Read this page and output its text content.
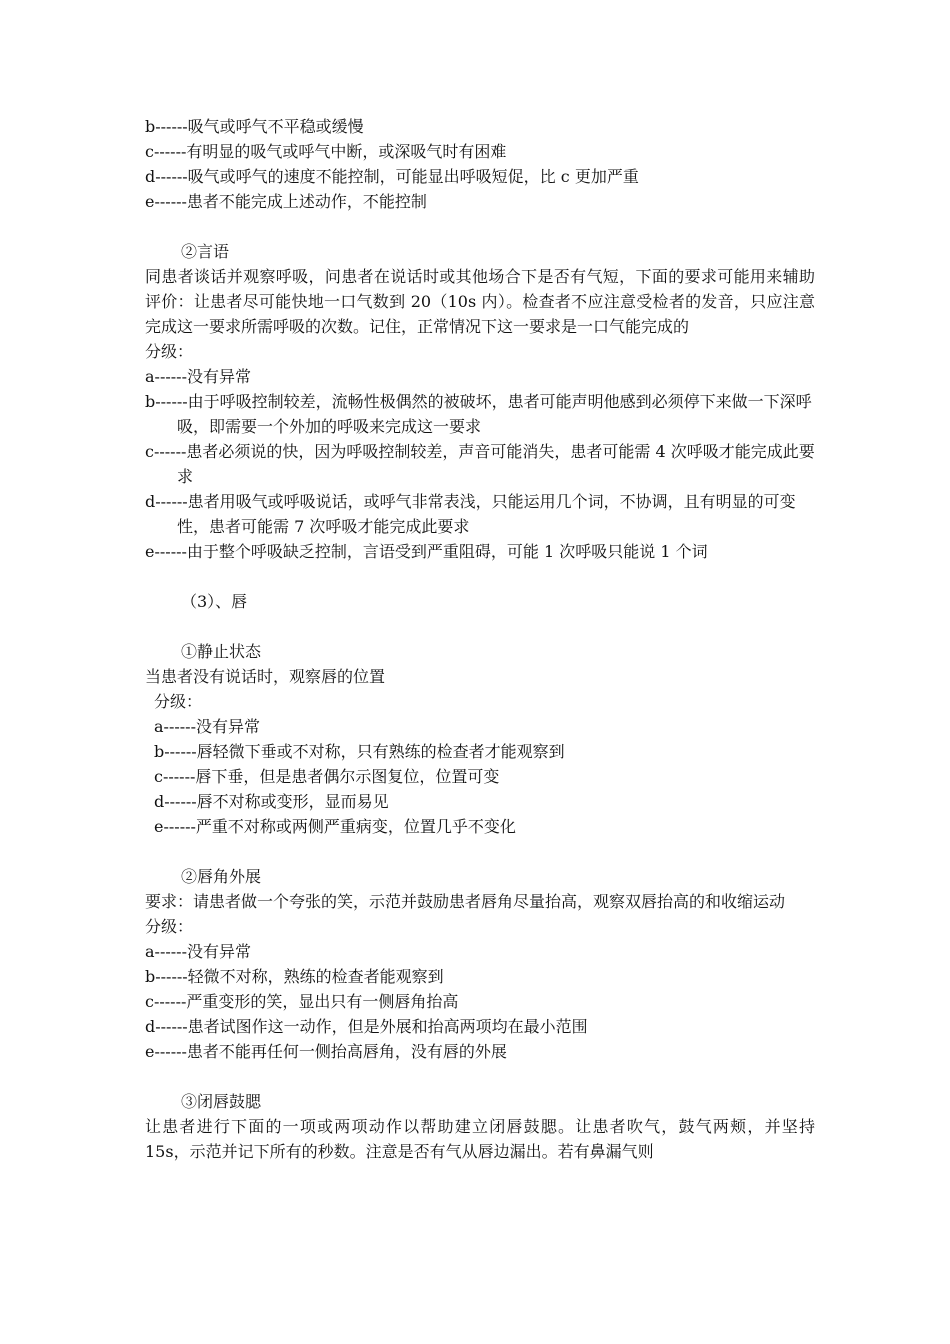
b------吸气或呼气不平稳或缓慢
c------有明显的吸气或呼气中断，或深吸气时有困难
d------吸气或呼气的速度不能控制，可能显出呼吸短促，比 c 更加严重
e------患者不能完成上述动作，不能控制
②言语
同患者谈话并观察呼吸，问患者在说话时或其他场合下是否有气短，下面的要求可能用来辅助评价：让患者尽可能快地一口气数到 20（10s 内）。检查者不应注意受检者的发音，只应注意完成这一要求所需呼吸的次数。记住，正常情况下这一要求是一口气能完成的
分级：
a------没有异常
b------由于呼吸控制较差，流畅性极偶然的被破坏，患者可能声明他感到必须停下来做一下深呼吸，即需要一个外加的呼吸来完成这一要求
c------患者必须说的快，因为呼吸控制较差，声音可能消失，患者可能需 4 次呼吸才能完成此要求
d------患者用吸气或呼吸说话，或呼气非常表浅，只能运用几个词，不协调，且有明显的可变性，患者可能需 7 次呼吸才能完成此要求
e------由于整个呼吸缺乏控制，言语受到严重阻碍，可能 1 次呼吸只能说 1 个词
（3）、唇
①静止状态
当患者没有说话时，观察唇的位置
分级：
a------没有异常
b------唇轻微下垂或不对称，只有熟练的检查者才能观察到
c------唇下垂，但是患者偶尔示图复位，位置可变
d------唇不对称或变形，显而易见
e------严重不对称或两侧严重病变，位置几乎不变化
②唇角外展
要求：请患者做一个夸张的笑，示范并鼓励患者唇角尽量抬高，观察双唇抬高的和收缩运动
分级：
a------没有异常
b------轻微不对称，熟练的检查者能观察到
c------严重变形的笑，显出只有一侧唇角抬高
d------患者试图作这一动作，但是外展和抬高两项均在最小范围
e------患者不能再任何一侧抬高唇角，没有唇的外展
③闭唇鼓腮
让患者进行下面的一项或两项动作以帮助建立闭唇鼓腮。让患者吹气，鼓气两颊，并坚持 15s，示范并记下所有的秒数。注意是否有气从唇边漏出。若有鼻漏气则
